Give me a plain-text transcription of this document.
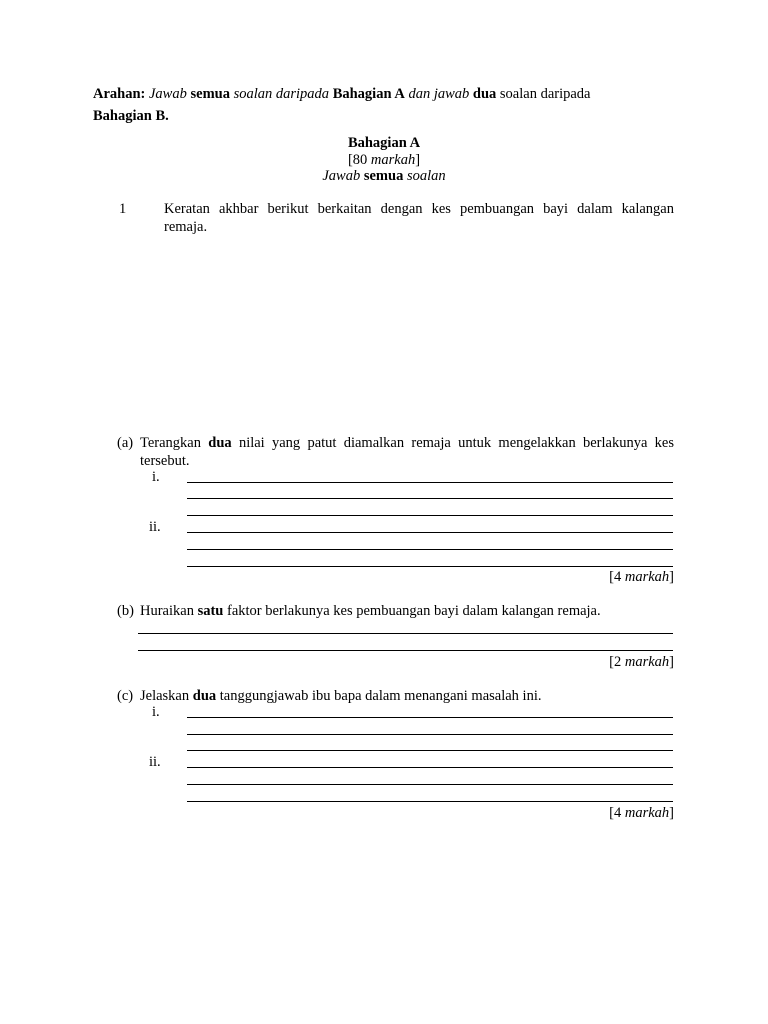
Arahan: Jawab semua soalan daripada Bahagian A dan jawab dua soalan daripada
Bahagian B.
Bahagian A
[80 markah]
Jawab semua soalan
1	Keratan akhbar berikut berkaitan dengan kes pembuangan bayi dalam kalangan
remaja.
(a) Terangkan dua nilai yang patut diamalkan remaja untuk mengelakkan berlakunya kes
tersebut.
i.
ii.
[4 markah]
(b) Huraikan satu faktor berlakunya kes pembuangan bayi dalam kalangan remaja.
[2 markah]
(c) Jelaskan dua tanggungjawab ibu bapa dalam menangani masalah ini.
i.
ii.
[4 markah]
